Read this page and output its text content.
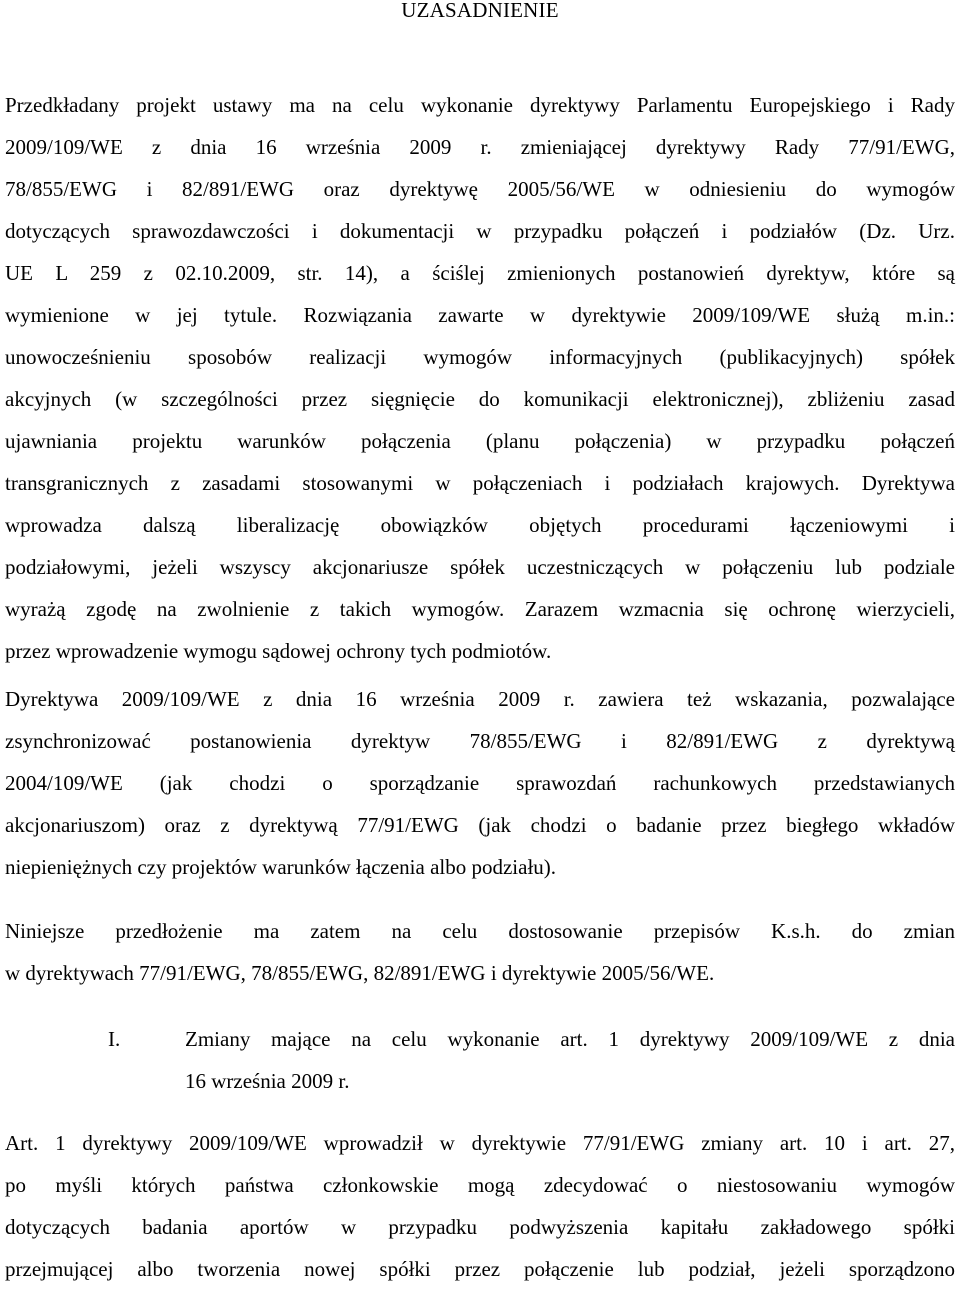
UZASADNIENIE
Przedkładany projekt ustawy ma na celu wykonanie dyrektywy Parlamentu Europejskiego i Rady
2009/109/WE z dnia 16 września 2009 r. zmieniającej dyrektywy Rady 77/91/EWG,
78/855/EWG i 82/891/EWG oraz dyrektywę 2005/56/WE w odniesieniu do wymogów
dotyczących sprawozdawczości i dokumentacji w przypadku połączeń i podziałów (Dz. Urz.
UE L 259 z 02.10.2009, str. 14), a ściślej zmienionych postanowień dyrektyw, które są
wymienione w jej tytule. Rozwiązania zawarte w dyrektywie 2009/109/WE służą m.in.:
unowocześnieniu sposobów realizacji wymogów informacyjnych (publikacyjnych) spółek
akcyjnych (w szczególności przez sięgnięcie do komunikacji elektronicznej), zbliżeniu zasad
ujawniania projektu warunków połączenia (planu połączenia) w przypadku połączeń
transgranicznych z zasadami stosowanymi w połączeniach i podziałach krajowych. Dyrektywa
wprowadza dalszą liberalizację obowiązków objętych procedurami łączeniowymi i
podziałowymi, jeżeli wszyscy akcjonariusze spółek uczestniczących w połączeniu lub podziale
wyrażą zgodę na zwolnienie z takich wymogów. Zarazem wzmacnia się ochronę wierzycieli,
przez wprowadzenie wymogu sądowej ochrony tych podmiotów.
Dyrektywa 2009/109/WE z dnia 16 września 2009 r. zawiera też wskazania, pozwalające
zsynchronizować postanowienia dyrektyw 78/855/EWG i 82/891/EWG z dyrektywą
2004/109/WE (jak chodzi o sporządzanie sprawozdań rachunkowych przedstawianych
akcjonariuszom) oraz z dyrektywą 77/91/EWG (jak chodzi o badanie przez biegłego wkładów
niepieniężnych czy projektów warunków łączenia albo podziału).
Niniejsze przedłożenie ma zatem na celu dostosowanie przepisów K.s.h. do zmian
w dyrektywach 77/91/EWG, 78/855/EWG, 82/891/EWG i dyrektywie 2005/56/WE.
I.	Zmiany mające na celu wykonanie art. 1 dyrektywy 2009/109/WE z dnia
16 września 2009 r.
Art. 1 dyrektywy 2009/109/WE wprowadził w dyrektywie 77/91/EWG zmiany art. 10 i art. 27,
po myśli których państwa członkowskie mogą zdecydować o niestosowaniu wymogów
dotyczących badania aportów w przypadku podwyższenia kapitału zakładowego spółki
przejmującej albo tworzenia nowej spółki przez połączenie lub podział, jeżeli sporządzono
